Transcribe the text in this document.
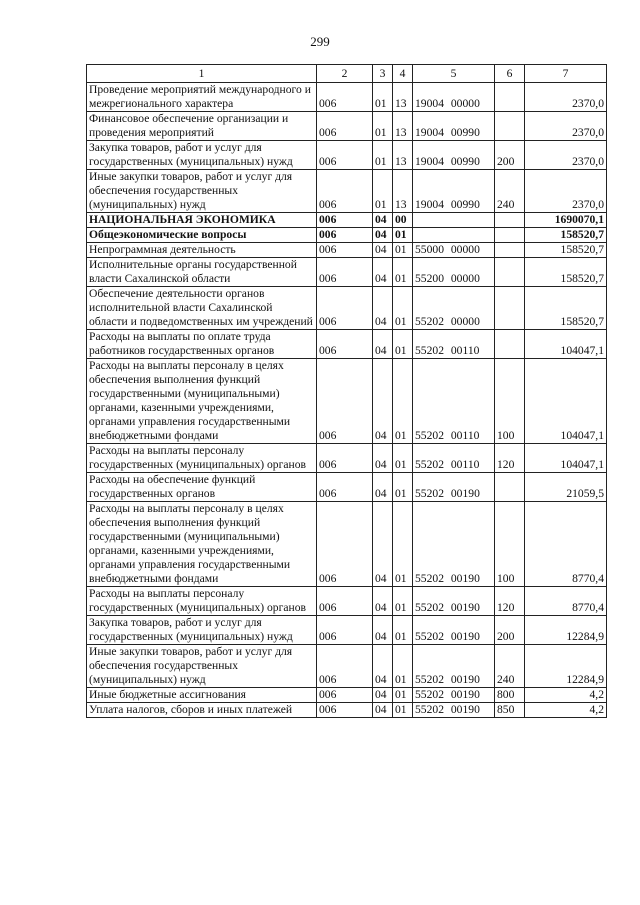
299
1	2	3	4	5	6	7
Проведение мероприятий международного и межрегионального характера	006	01	13	19004 00000		2370,0
Финансовое обеспечение организации и проведения мероприятий	006	01	13	19004 00990		2370,0
Закупка товаров, работ и услуг для государственных (муниципальных) нужд	006	01	13	19004 00990	200	2370,0
Иные закупки товаров, работ и услуг для обеспечения государственных (муниципальных) нужд	006	01	13	19004 00990	240	2370,0
НАЦИОНАЛЬНАЯ ЭКОНОМИКА	006	04	00			1690070,1
Общеэкономические вопросы	006	04	01			158520,7
Непрограммная деятельность	006	04	01	55000 00000		158520,7
Исполнительные органы государственной власти Сахалинской области	006	04	01	55200 00000		158520,7
Обеспечение деятельности органов исполнительной власти Сахалинской области и подведомственных им учреждений	006	04	01	55202 00000		158520,7
Расходы на выплаты по оплате труда работников государственных органов	006	04	01	55202 00110		104047,1
Расходы на выплаты персоналу в целях обеспечения выполнения функций государственными (муниципальными) органами, казенными учреждениями, органами управления государственными внебюджетными фондами	006	04	01	55202 00110	100	104047,1
Расходы на выплаты персоналу государственных (муниципальных) органов	006	04	01	55202 00110	120	104047,1
Расходы на обеспечение функций государственных органов	006	04	01	55202 00190		21059,5
Расходы на выплаты персоналу в целях обеспечения выполнения функций государственными (муниципальными) органами, казенными учреждениями, органами управления государственными внебюджетными фондами	006	04	01	55202 00190	100	8770,4
Расходы на выплаты персоналу государственных (муниципальных) органов	006	04	01	55202 00190	120	8770,4
Закупка товаров, работ и услуг для государственных (муниципальных) нужд	006	04	01	55202 00190	200	12284,9
Иные закупки товаров, работ и услуг для обеспечения государственных (муниципальных) нужд	006	04	01	55202 00190	240	12284,9
Иные бюджетные ассигнования	006	04	01	55202 00190	800	4,2
Уплата налогов, сборов и иных платежей	006	04	01	55202 00190	850	4,2
